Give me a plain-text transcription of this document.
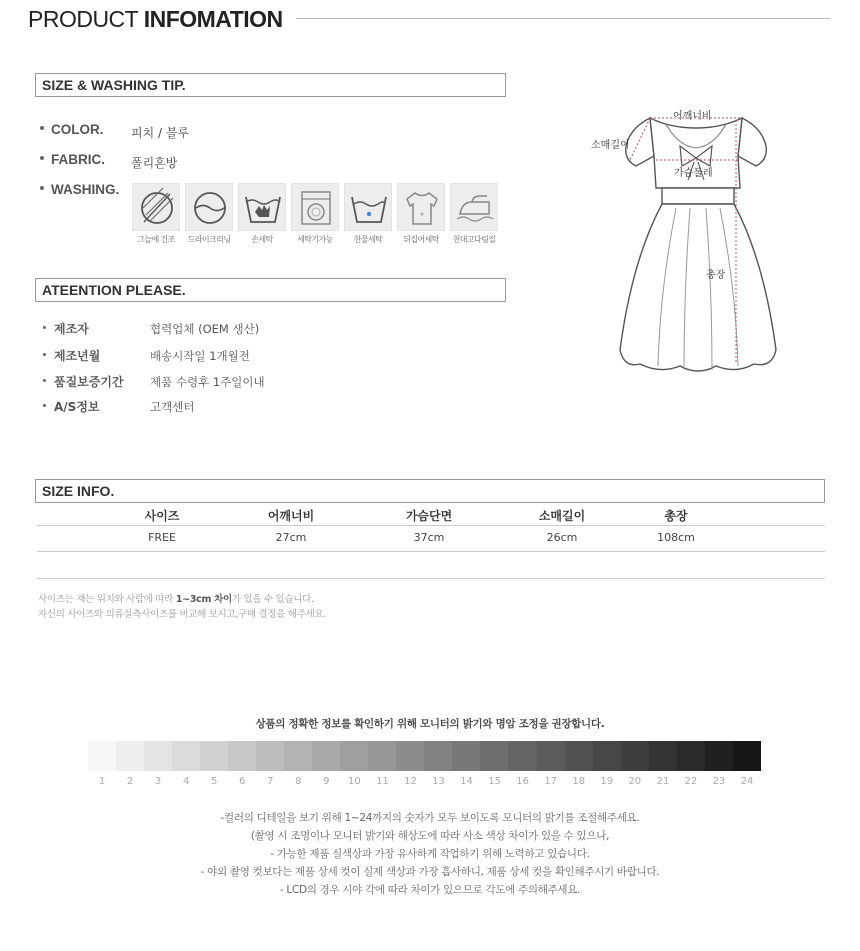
PRODUCT INFOMATION
SIZE & WASHING TIP.
COLOR. 피치 / 블루
FABRIC. 폴리혼방
WASHING.
그늘에 건조	드라이크리닝	손세탁	세탁기가능	찬물세탁	뒤집어세탁	천대고다림질
ATEENTION PLEASE.
제조자	협력업체 (OEM 생산)
제조년월	배송시작일 1개월전
품질보증기간 제품 수령후 1주일이내
A/S정보	고객센터
어깨너비
소매길이
가슴둘레
총장
SIZE INFO.
사이즈	어깨너비	가슴단면	소매길이	총장
FREE	27cm	37cm	26cm	108cm
사이즈는 재는 위치와 사람에 따라 1~3cm 차이가 있을 수 있습니다.
자신의 사이즈와 의류실측사이즈를 비교해 보시고,구매 결정을 해주세요.
상품의 정확한 정보를 확인하기 위해 모니터의 밝기와 명암 조정을 권장합니다.
1	2	3	4	5	6	7	8	9	10	11	12	13	14	15	16	17	18	19	20	21	22	23	24
-컬러의 디테일을 보기 위해 1~24까지의 숫자가 모두 보이도록 모니터의 밝기를 조절해주세요.
(촬영 시 조명이나 모니터 밝기와 해상도에 따라 사소 색상 차이가 있을 수 있으나,
- 가능한 제품 실색상과 가장 유사하게 작업하기 위해 노력하고 있습니다.
- 야외 촬영 컷보다는 제품 상세 컷이 실제 색상과 가장 흡사하니, 제품 상세 컷을 확인해주시기 바랍니다.
- LCD의 경우 시야 각에 따라 차이가 있으므로 각도에 주의해주세요.
